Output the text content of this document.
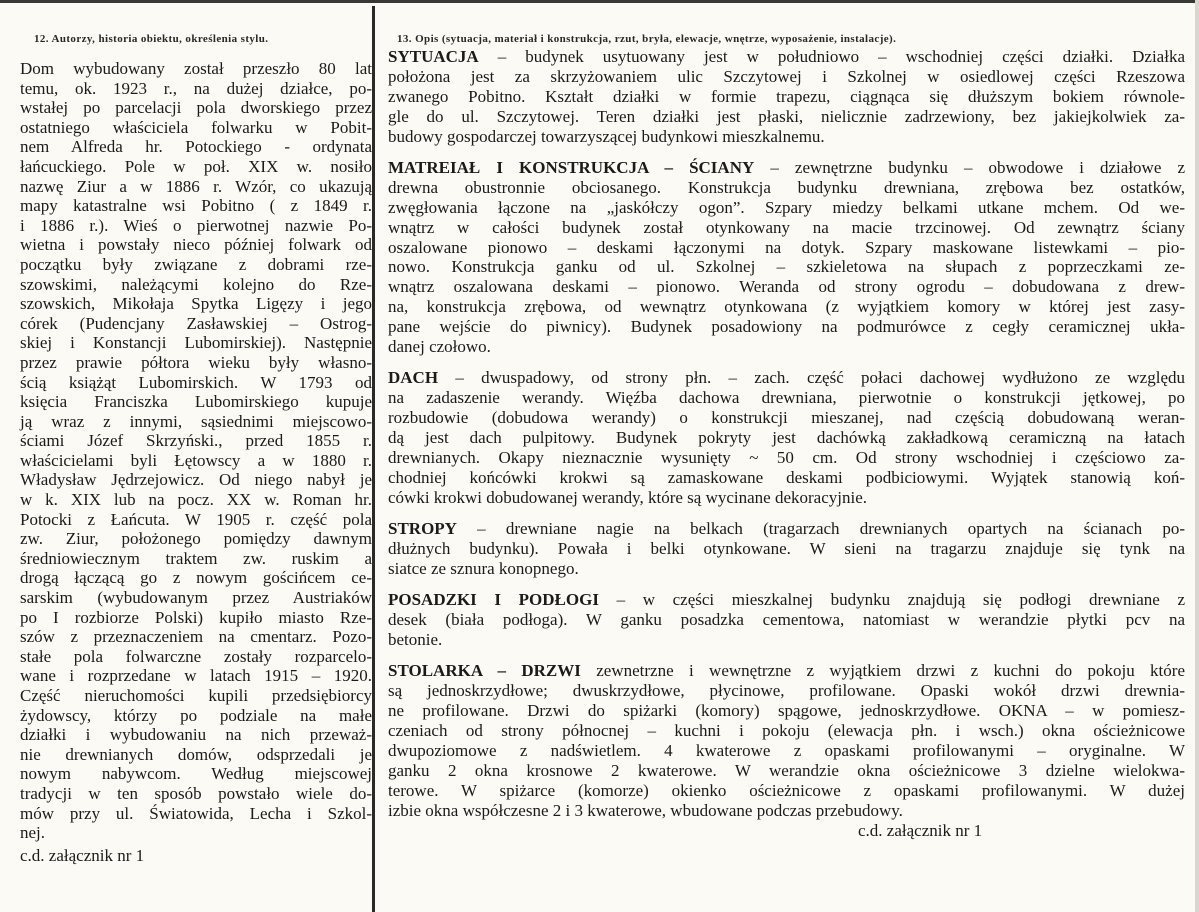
12. Autorzy, historia obiektu, określenia stylu.	13. Opis (sytuacja, materiał i konstrukcja, rzut, bryła, elewacje, wnętrze, wyposażenie, instalacje).
Dom wybudowany został przeszło 80 lat
temu, ok. 1923 r., na dużej działce, po-
wstałej po parcelacji pola dworskiego przez
ostatniego właściciela folwarku w Pobit-
nem Alfreda hr. Potockiego - ordynata
łańcuckiego. Pole w poł. XIX w. nosiło
nazwę Ziur a w 1886 r. Wzór, co ukazują
mapy katastralne wsi Pobitno ( z 1849 r.
i 1886 r.). Wieś o pierwotnej nazwie Po-
wietna i powstały nieco później folwark od
początku były związane z dobrami rze-
szowskimi, należącymi kolejno do Rze-
szowskich, Mikołaja Spytka Ligęzy i jego
córek (Pudencjany Zasławskiej – Ostrog-
skiej i Konstancji Lubomirskiej). Następnie
przez prawie półtora wieku były własno-
ścią książąt Lubomirskich. W 1793 od
księcia Franciszka Lubomirskiego kupuje
ją wraz z innymi, sąsiednimi miejscowo-
ściami Józef Skrzyński., przed 1855 r.
właścicielami byli Łętowscy a w 1880 r.
Władysław Jędrzejowicz. Od niego nabył je
w k. XIX lub na pocz. XX w. Roman hr.
Potocki z Łańcuta. W 1905 r. część pola
zw. Ziur, położonego pomiędzy dawnym
średniowiecznym traktem zw. ruskim a
drogą łączącą go z nowym gościńcem ce-
sarskim (wybudowanym przez Austriaków
po I rozbiorze Polski) kupiło miasto Rze-
szów z przeznaczeniem na cmentarz. Pozo-
stałe pola folwarczne zostały rozparcelo-
wane i rozprzedane w latach 1915 – 1920.
Część nieruchomości kupili przedsiębiorcy
żydowscy, którzy po podziale na małe
działki i wybudowaniu na nich przeważ-
nie drewnianych domów, odsprzedali je
nowym nabywcom. Według miejscowej
tradycji w ten sposób powstało wiele do-
mów przy ul. Światowida, Lecha i Szkol-
nej.
c.d. załącznik nr 1
SYTUACJA – budynek usytuowany jest w południowo – wschodniej części działki. Działka
położona jest za skrzyżowaniem ulic Szczytowej i Szkolnej w osiedlowej części Rzeszowa
zwanego Pobitno. Kształt działki w formie trapezu, ciągnąca się dłuższym bokiem równole-
gle do ul. Szczytowej. Teren działki jest płaski, nielicznie zadrzewiony, bez jakiejkolwiek za-
budowy gospodarczej towarzyszącej budynkowi mieszkalnemu.
MATREIAŁ I KONSTRUKCJA – ŚCIANY – zewnętrzne budynku – obwodowe i działowe z
drewna obustronnie obciosanego. Konstrukcja budynku drewniana, zrębowa bez ostatków,
zwęgłowania łączone na „jaskółczy ogon”. Szpary miedzy belkami utkane mchem. Od we-
wnątrz w całości budynek został otynkowany na macie trzcinowej. Od zewnątrz ściany
oszalowane pionowo – deskami łączonymi na dotyk. Szpary maskowane listewkami – pio-
nowo. Konstrukcja ganku od ul. Szkolnej – szkieletowa na słupach z poprzeczkami ze-
wnątrz oszalowana deskami – pionowo. Weranda od strony ogrodu – dobudowana z drew-
na, konstrukcja zrębowa, od wewnątrz otynkowana (z wyjątkiem komory w której jest zasy-
pane wejście do piwnicy). Budynek posadowiony na podmurówce z cegły ceramicznej ukła-
danej czołowo.
DACH – dwuspadowy, od strony płn. – zach. część połaci dachowej wydłużono ze względu
na zadaszenie werandy. Więźba dachowa drewniana, pierwotnie o konstrukcji jętkowej, po
rozbudowie (dobudowa werandy) o konstrukcji mieszanej, nad częścią dobudowaną weran-
dą jest dach pulpitowy. Budynek pokryty jest dachówką zakładkową ceramiczną na łatach
drewnianych. Okapy nieznacznie wysunięty ~ 50 cm. Od strony wschodniej i częściowo za-
chodniej końcówki krokwi są zamaskowane deskami podbiciowymi. Wyjątek stanowią koń-
cówki krokwi dobudowanej werandy, które są wycinane dekoracyjnie.
STROPY – drewniane nagie na belkach (tragarzach drewnianych opartych na ścianach po-
dłużnych budynku). Powała i belki otynkowane. W sieni na tragarzu znajduje się tynk na
siatce ze sznura konopnego.
POSADZKI I PODŁOGI – w części mieszkalnej budynku znajdują się podłogi drewniane z
desek (biała podłoga). W ganku posadzka cementowa, natomiast w werandzie płytki pcv na
betonie.
STOLARKA – DRZWI zewnetrzne i wewnętrzne z wyjątkiem drzwi z kuchni do pokoju które
są jednoskrzydłowe; dwuskrzydłowe, płycinowe, profilowane. Opaski wokół drzwi drewnia-
ne profilowane. Drzwi do spiżarki (komory) spągowe, jednoskrzydłowe. OKNA – w pomiesz-
czeniach od strony północnej – kuchni i pokoju (elewacja płn. i wsch.) okna ościeżnicowe
dwupoziomowe z nadświetlem. 4 kwaterowe z opaskami profilowanymi – oryginalne. W
ganku 2 okna krosnowe 2 kwaterowe. W werandzie okna ościeżnicowe 3 dzielne wielokwa-
terowe. W spiżarce (komorze) okienko ościeżnicowe z opaskami profilowanymi. W dużej
izbie okna współczesne 2 i 3 kwaterowe, wbudowane podczas przebudowy.
c.d. załącznik nr 1
